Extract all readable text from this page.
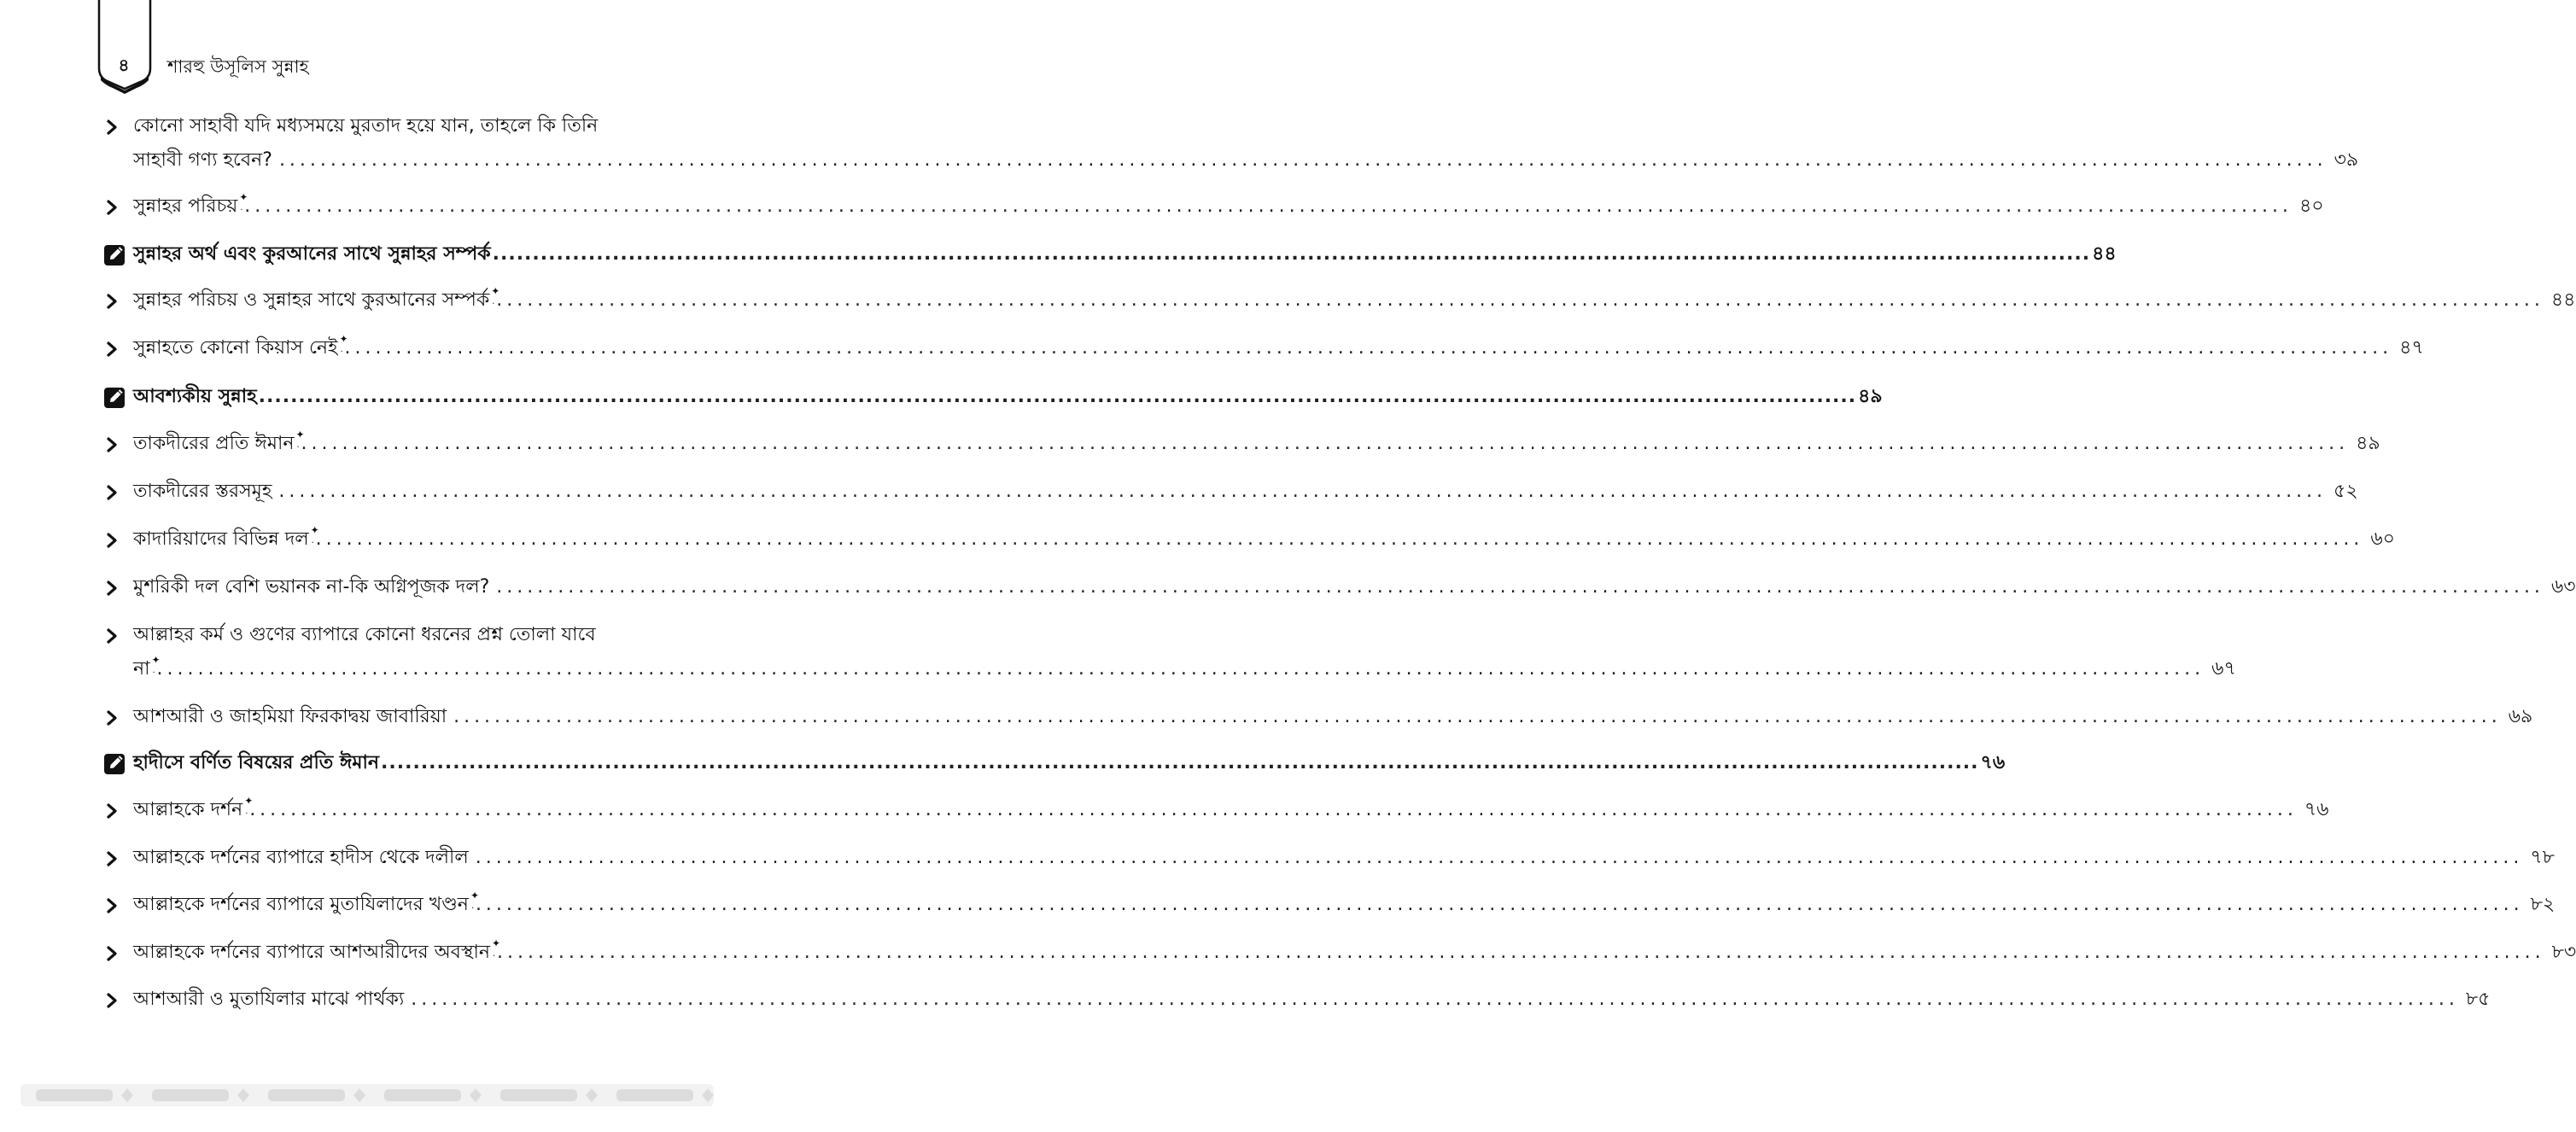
৪	শারহু উসূলিস সুন্নাহ
কোনো সাহাবী যদি মধ্যসময়ে মুরতাদ হয়ে যান, তাহলে কি তিনি
সাহাবী গণ্য হবেন? ........................................................................................................................................................................................................ ৩৯
সুন্নাহর পরিচয় ✦
· ........................................................................................................................................................................................................ ৪০
সুন্নাহর অর্থ এবং কুরআনের সাথে সুন্নাহর সম্পর্ক ........................................................................................................................................................................................................ ৪৪
সুন্নাহর পরিচয় ও সুন্নাহর সাথে কুরআনের সম্পর্ক ✦
· ........................................................................................................................................................................................................ ৪৪
সুন্নাহতে কোনো কিয়াস নেই ✦
· ........................................................................................................................................................................................................ ৪৭
আবশ্যকীয় সুন্নাহ ........................................................................................................................................................................................................ ৪৯
তাকদীরের প্রতি ঈমান ✦
· ........................................................................................................................................................................................................ ৪৯
তাকদীরের স্তরসমূহ ........................................................................................................................................................................................................ ৫২
কাদারিয়াদের বিভিন্ন দল ✦
· ........................................................................................................................................................................................................ ৬০
মুশরিকী দল বেশি ভয়ানক না-কি অগ্নিপূজক দল? ........................................................................................................................................................................................................ ৬৩
আল্লাহর কর্ম ও গুণের ব্যাপারে কোনো ধরনের প্রশ্ন তোলা যাবে
না ✦
· ........................................................................................................................................................................................................ ৬৭
আশআরী ও জাহমিয়া ফিরকাদ্বয় জাবারিয়া ........................................................................................................................................................................................................ ৬৯
হাদীসে বর্ণিত বিষয়ের প্রতি ঈমান ........................................................................................................................................................................................................ ৭৬
আল্লাহকে দর্শন ✦
· ........................................................................................................................................................................................................ ৭৬
আল্লাহকে দর্শনের ব্যাপারে হাদীস থেকে দলীল ........................................................................................................................................................................................................ ৭৮
আল্লাহকে দর্শনের ব্যাপারে মুতাযিলাদের খণ্ডন ✦
· ........................................................................................................................................................................................................ ৮২
আল্লাহকে দর্শনের ব্যাপারে আশআরীদের অবস্থান ✦
· ........................................................................................................................................................................................................ ৮৩
আশআরী ও মুতাযিলার মাঝে পার্থক্য ........................................................................................................................................................................................................ ৮৫
